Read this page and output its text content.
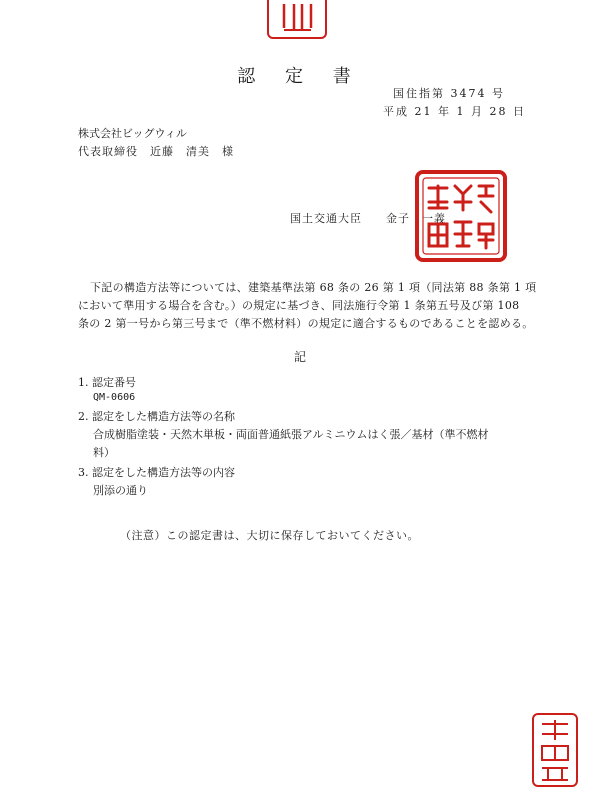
認 定 書
国住指第 3474 号
平成 21 年 1 月 28 日
株式会社ビッグウィル
代表取締役　近藤　清美　様
国土交通大臣　　金子　一義
下記の構造方法等については、建築基準法第 68 条の 26 第 1 項（同法第 88 条第 1 項
において準用する場合を含む。）の規定に基づき、同法施行令第 1 条第五号及び第 108
条の 2 第一号から第三号まで（準不燃材料）の規定に適合するものであることを認める。
記
1. 認定番号
QM-0606
2. 認定をした構造方法等の名称
合成樹脂塗装・天然木単板・両面普通紙張アルミニウムはく張／基材（準不燃材
料）
3. 認定をした構造方法等の内容
別添の通り
（注意）この認定書は、大切に保存しておいてください。
